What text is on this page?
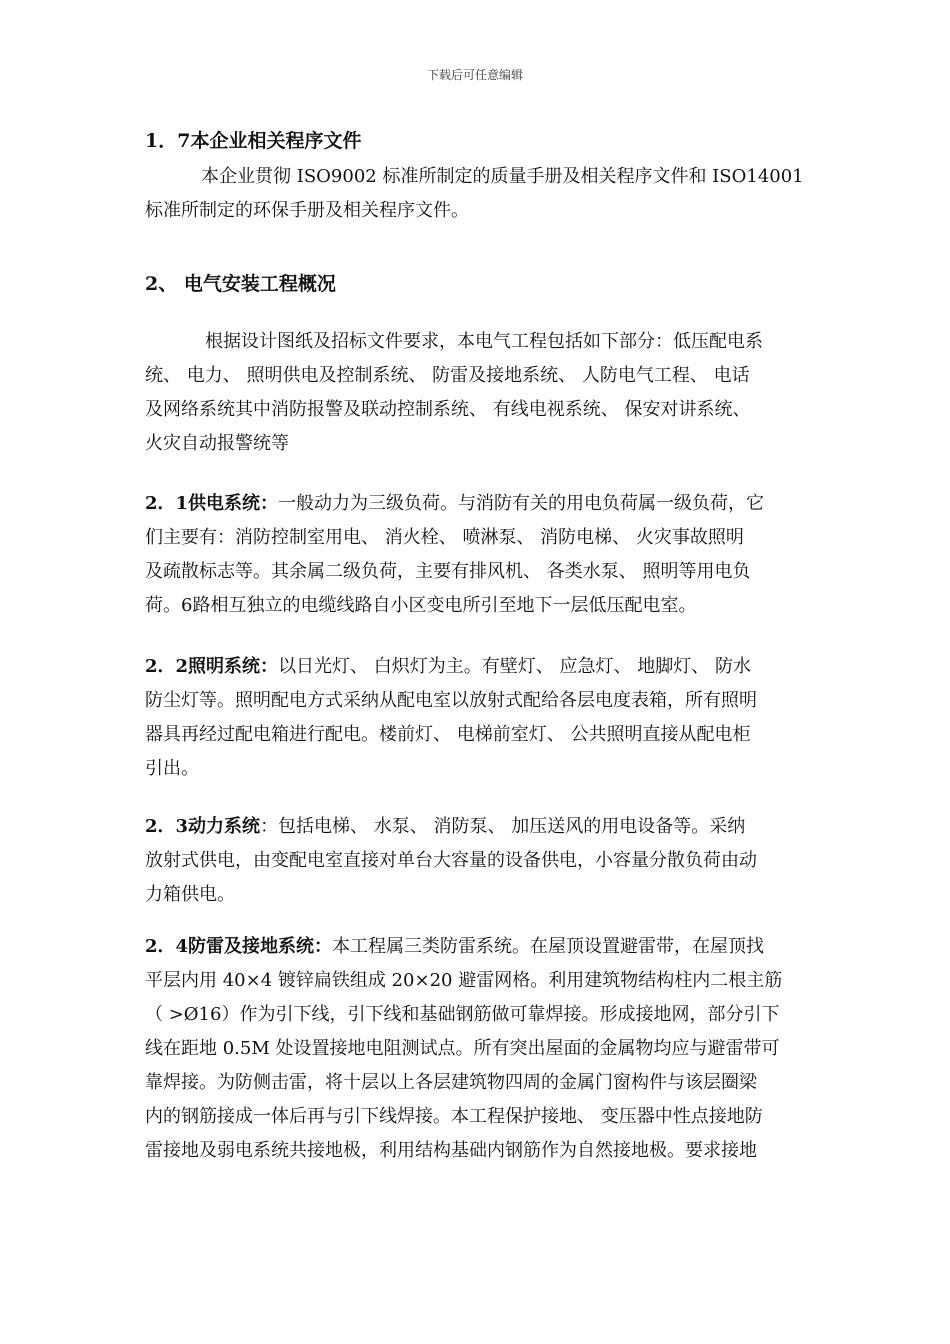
下载后可任意编辑
1．7本企业相关程序文件
本企业贯彻 ISO9002 标准所制定的质量手册及相关程序文件和 ISO14001
标准所制定的环保手册及相关程序文件。
2、 电气安装工程概况
根据设计图纸及招标文件要求，本电气工程包括如下部分：低压配电系
统、 电力、 照明供电及控制系统、 防雷及接地系统、 人防电气工程、 电话
及网络系统其中消防报警及联动控制系统、 有线电视系统、 保安对讲系统、
火灾自动报警统等
2．1供电系统：一般动力为三级负荷。与消防有关的用电负荷属一级负荷，它
们主要有：消防控制室用电、 消火栓、 喷淋泵、 消防电梯、 火灾事故照明
及疏散标志等。其余属二级负荷，主要有排风机、 各类水泵、 照明等用电负
荷。6路相互独立的电缆线路自小区变电所引至地下一层低压配电室。
2．2照明系统：以日光灯、 白炽灯为主。有壁灯、 应急灯、 地脚灯、 防水
防尘灯等。照明配电方式采纳从配电室以放射式配给各层电度表箱，所有照明
器具再经过配电箱进行配电。楼前灯、 电梯前室灯、 公共照明直接从配电柜
引出。
2．3动力系统：包括电梯、 水泵、 消防泵、 加压送风的用电设备等。采纳
放射式供电，由变配电室直接对单台大容量的设备供电，小容量分散负荷由动
力箱供电。
2．4防雷及接地系统：本工程属三类防雷系统。在屋顶设置避雷带，在屋顶找
平层内用 40×4 镀锌扁铁组成 20×20 避雷网格。利用建筑物结构柱内二根主筋
（ >Ø16）作为引下线，引下线和基础钢筋做可靠焊接。形成接地网，部分引下
线在距地 0.5M 处设置接地电阻测试点。所有突出屋面的金属物均应与避雷带可
靠焊接。为防侧击雷，将十层以上各层建筑物四周的金属门窗构件与该层圈梁
内的钢筋接成一体后再与引下线焊接。本工程保护接地、 变压器中性点接地防
雷接地及弱电系统共接地极，利用结构基础内钢筋作为自然接地极。要求接地
